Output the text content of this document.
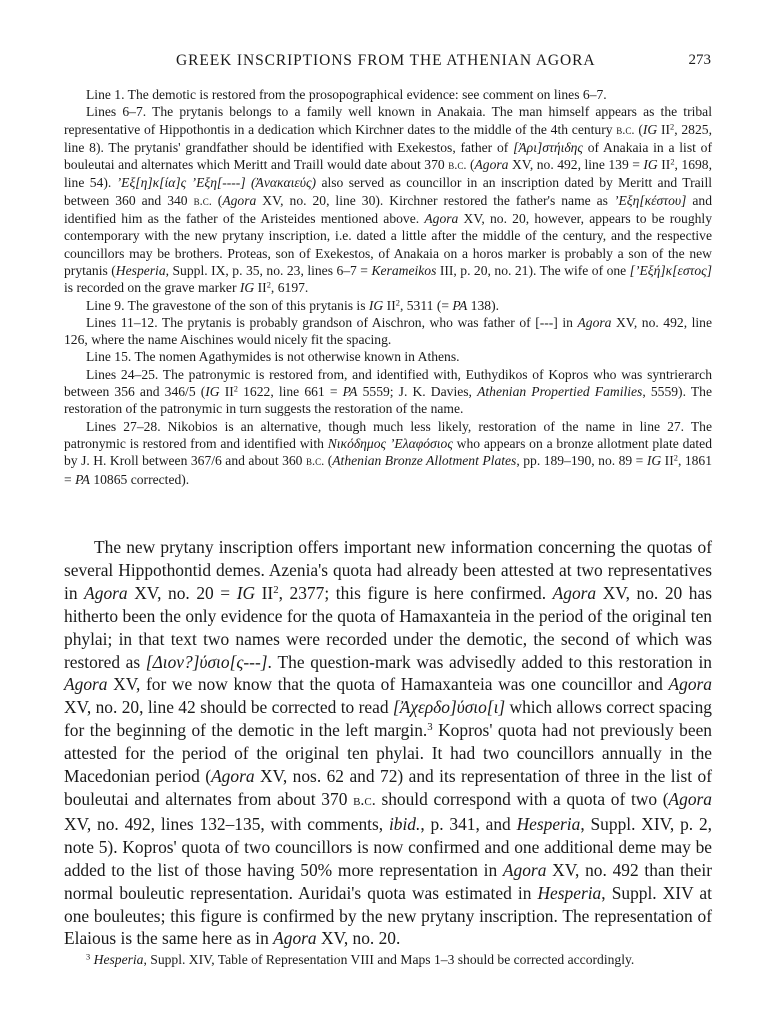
GREEK INSCRIPTIONS FROM THE ATHENIAN AGORA	273

Line 1. The demotic is restored from the prosopographical evidence: see comment on lines 6–7.

Lines 6–7. The prytanis belongs to a family well known in Anakaia. The man himself appears as the tribal representative of Hippothontis in a dedication which Kirchner dates to the middle of the 4th century b.c. (IG $II^2$, 2825, line 8). The prytanis' grandfather should be identified with Exekestos, father of [Ἀρι]στήιδης of Anakaia in a list of bouleutai and alternates which Meritt and Traill would date about 370 b.c. (Agora XV, no. 492, line 139 = IG $II^2$, 1698, line 54). ’Εξ[η]κ[ία]ς ’Εξη[----] (Ἀνακαιεύς) also served as councillor in an inscription dated by Meritt and Traill between 360 and 340 b.c. (Agora XV, no. 20, line 30). Kirchner restored the father's name as ’Εξη[κέστου] and identified him as the father of the Aristeides mentioned above. Agora XV, no. 20, however, appears to be roughly contemporary with the new prytany inscription, i.e. dated a little after the middle of the century, and the respective councillors may be brothers. Proteas, son of Exekestos, of Anakaia on a horos marker is probably a son of the new prytanis (Hesperia, Suppl. IX, p. 35, no. 23, lines 6–7 = Kerameikos III, p. 20, no. 21). The wife of one [’Εξή]κ[εστος] is recorded on the grave marker IG $II^2$, 6197.

Line 9. The gravestone of the son of this prytanis is IG $II^2$, 5311 (= PA 138).

Lines 11–12. The prytanis is probably grandson of Aischron, who was father of [---] in Agora XV, no. 492, line 126, where the name Aischines would nicely fit the spacing.

Line 15. The nomen Agathymides is not otherwise known in Athens.

Lines 24–25. The patronymic is restored from, and identified with, Euthydikos of Kopros who was syntrierarch between 356 and 346/5 (IG $II^2$ 1622, line 661 = PA 5559; J. K. Davies, Athenian Propertied Families, 5559). The restoration of the patronymic in turn suggests the restoration of the name.

Lines 27–28. Nikobios is an alternative, though much less likely, restoration of the name in line 27. The patronymic is restored from and identified with Νικόδημος ’Ελαφόσιος who appears on a bronze allotment plate dated by J. H. Kroll between 367/6 and about 360 b.c. (Athenian Bronze Allotment Plates, pp. 189–190, no. 89 = IG $II^2$, 1861 = PA 10865 corrected).

The new prytany inscription offers important new information concerning the quotas of several Hippothontid demes. Azenia's quota had already been attested at two representatives in Agora XV, no. 20 = IG $II^2$, 2377; this figure is here confirmed. Agora XV, no. 20 has hitherto been the only evidence for the quota of Hamaxanteia in the period of the original ten phylai; in that text two names were recorded under the demotic, the second of which was restored as [Διον?]ύσιο[ς---]. The question-mark was advisedly added to this restoration in Agora XV, for we now know that the quota of Hamaxanteia was one councillor and Agora XV, no. 20, line 42 should be corrected to read [Ἀχερδο]ύσιο[ι] which allows correct spacing for the beginning of the demotic in the left margin.$^3$ Kopros' quota had not previously been attested for the period of the original ten phylai. It had two councillors annually in the Macedonian period (Agora XV, nos. 62 and 72) and its representation of three in the list of bouleutai and alternates from about 370 b.c. should correspond with a quota of two (Agora XV, no. 492, lines 132–135, with comments, ibid., p. 341, and Hesperia, Suppl. XIV, p. 2, note 5). Kopros' quota of two councillors is now confirmed and one additional deme may be added to the list of those having 50% more representation in Agora XV, no. 492 than their normal bouleutic representation. Auridai's quota was estimated in Hesperia, Suppl. XIV at one bouleutes; this figure is confirmed by the new prytany inscription. The representation of Elaious is the same here as in Agora XV, no. 20.

$^3$ Hesperia, Suppl. XIV, Table of Representation VIII and Maps 1–3 should be corrected accordingly.
